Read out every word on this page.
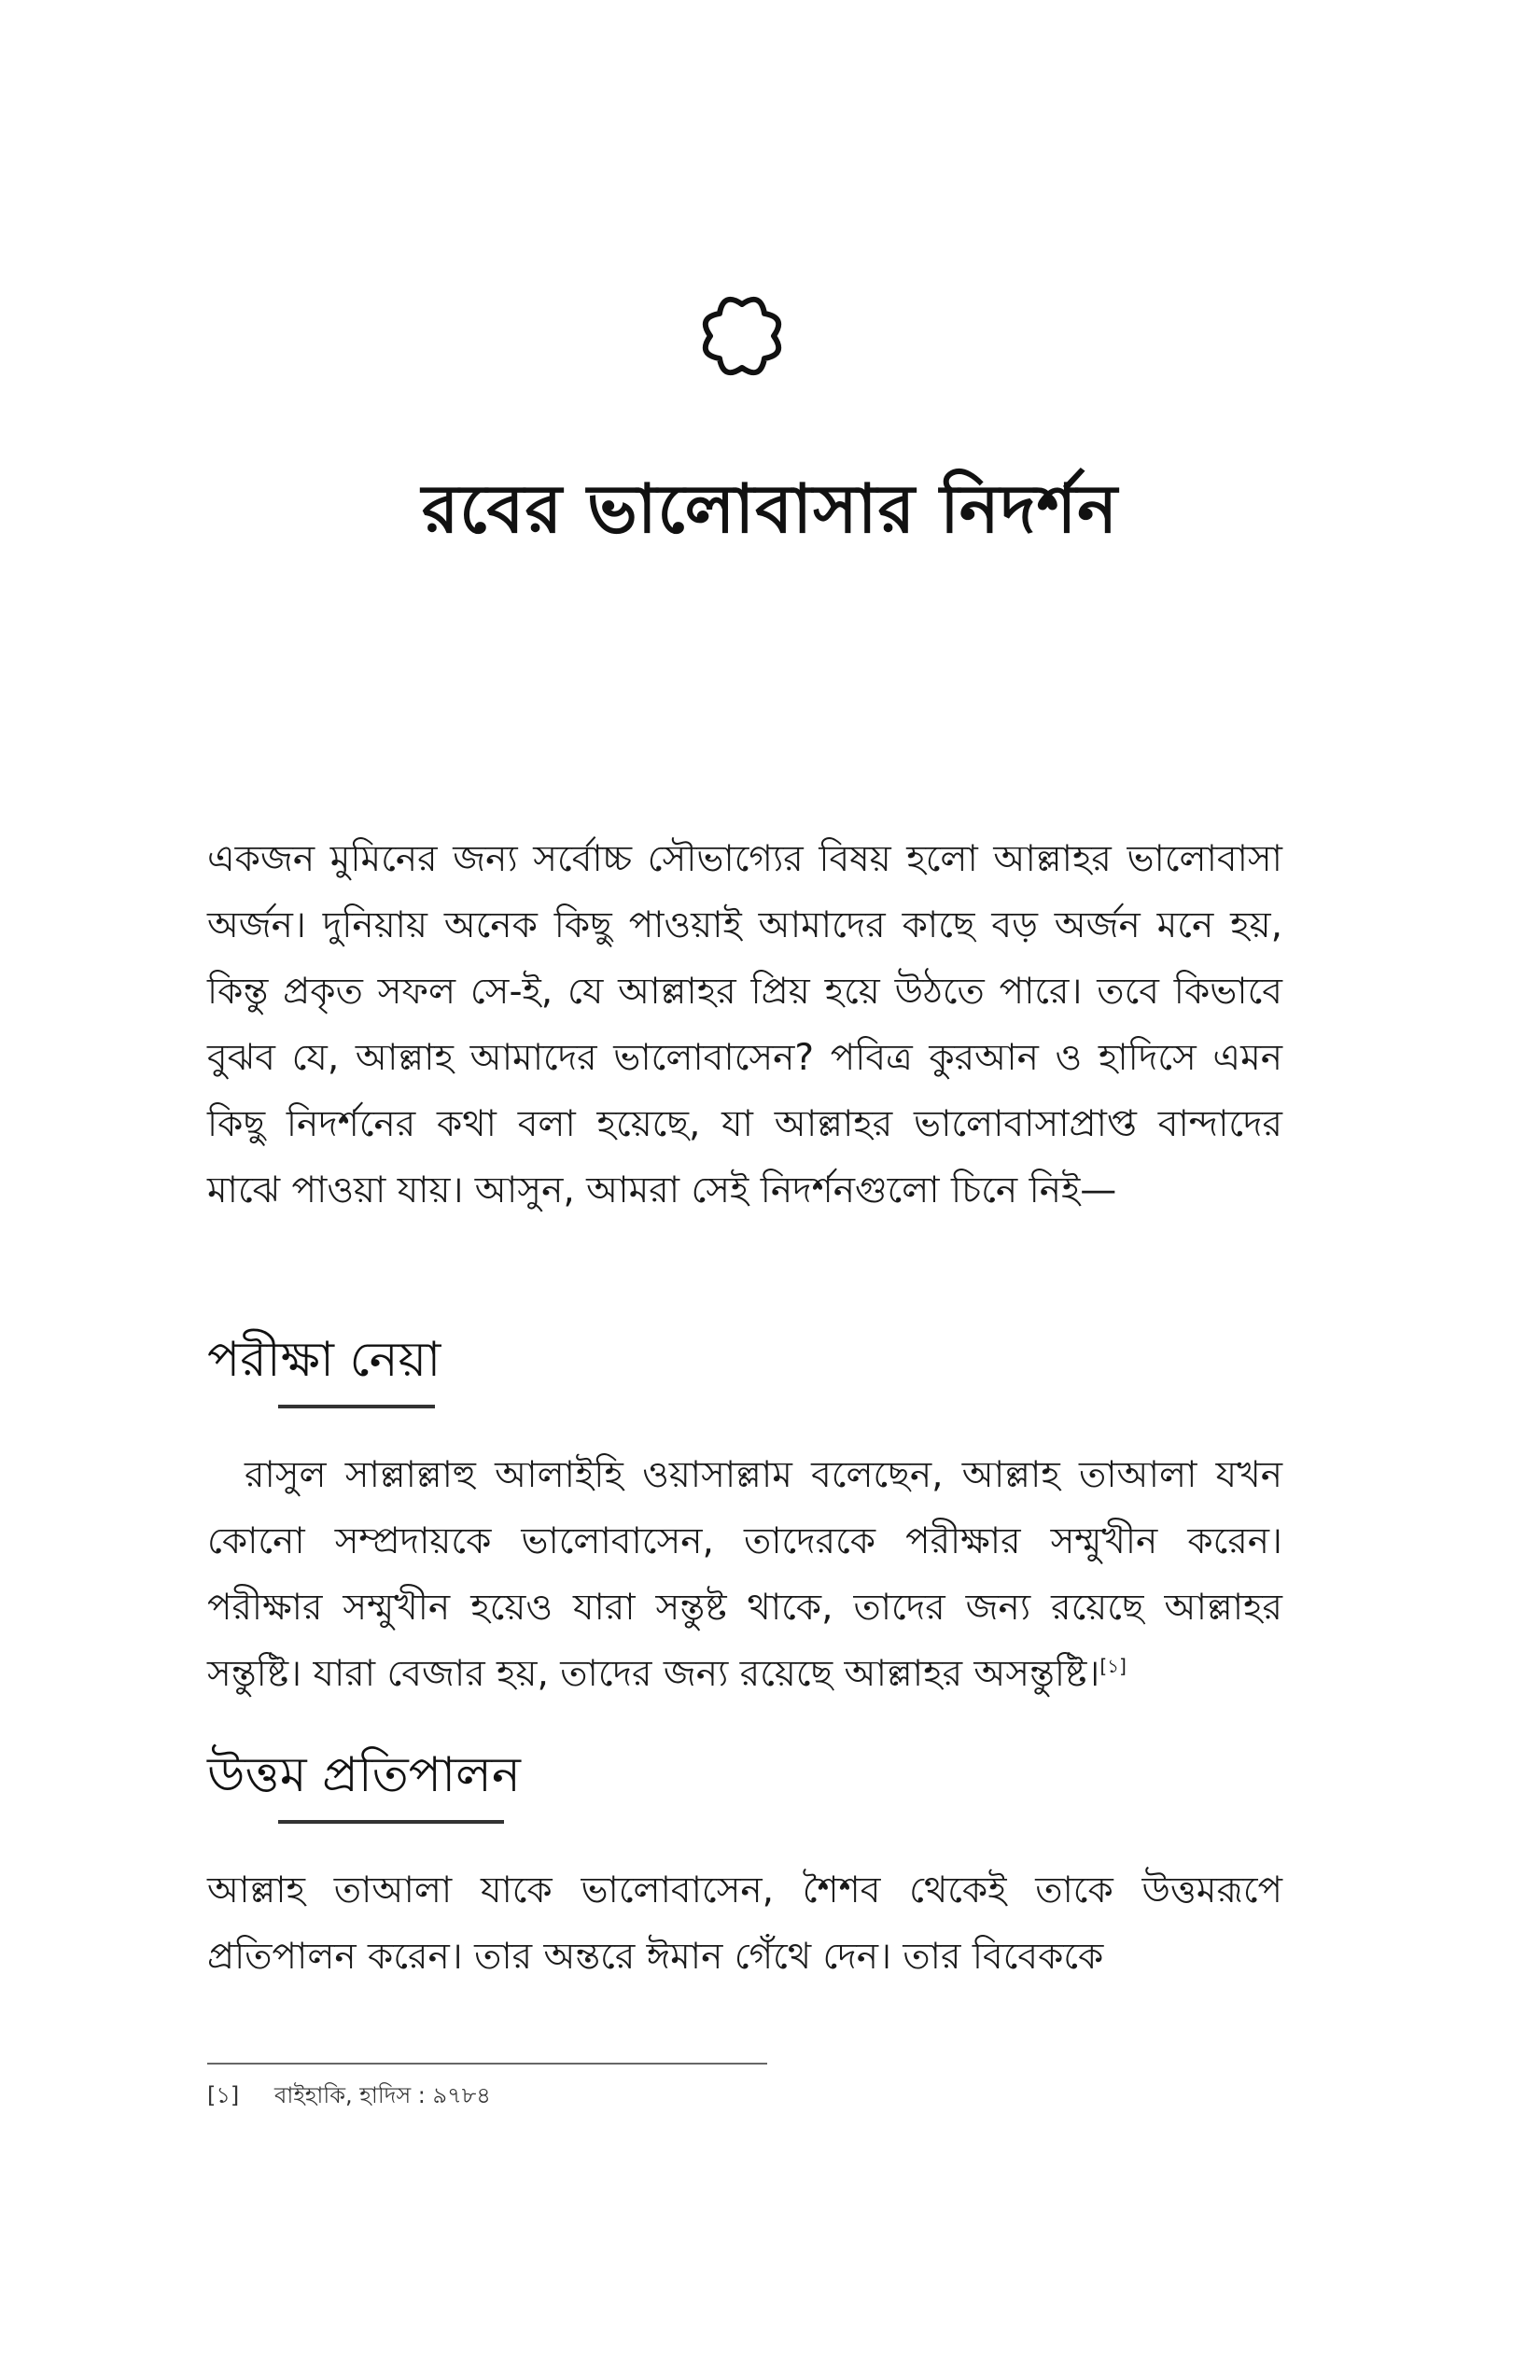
রবের ভালোবাসার নিদর্শন

একজন মুমিনের জন্য সর্বোচ্চ সৌভাগ্যের বিষয় হলো আল্লাহর ভালোবাসা অর্জন। দুনিয়ায় অনেক কিছু পাওয়াই আমাদের কাছে বড় অর্জন মনে হয়, কিন্তু প্রকৃত সফল সে-ই, যে আল্লাহর প্রিয় হয়ে উঠতে পারে। তবে কিভাবে বুঝব যে, আল্লাহ আমাদের ভালোবাসেন? পবিত্র কুরআন ও হাদিসে এমন কিছু নিদর্শনের কথা বলা হয়েছে, যা আল্লাহর ভালোবাসাপ্রাপ্ত বান্দাদের মাঝে পাওয়া যায়। আসুন, আমরা সেই নিদর্শনগুলো চিনে নিই—

পরীক্ষা নেয়া

রাসুল সাল্লাল্লাহু আলাইহি ওয়াসাল্লাম বলেছেন, আল্লাহ তাআলা যখন কোনো সম্প্রদায়কে ভালোবাসেন, তাদেরকে পরীক্ষার সম্মুখীন করেন। পরীক্ষার সম্মুখীন হয়েও যারা সন্তুষ্ট থাকে, তাদের জন্য রয়েছে আল্লাহর সন্তুষ্টি। যারা বেজার হয়, তাদের জন্য রয়েছে আল্লাহর অসন্তুষ্টি।[১]

উত্তম প্রতিপালন

আল্লাহ তাআলা যাকে ভালোবাসেন, শৈশব থেকেই তাকে উত্তমরূপে প্রতিপালন করেন। তার অন্তরে ঈমান গেঁথে দেন। তার বিবেককে

[১] বাইহাকি, হাদিস : ৯৭৮৪
